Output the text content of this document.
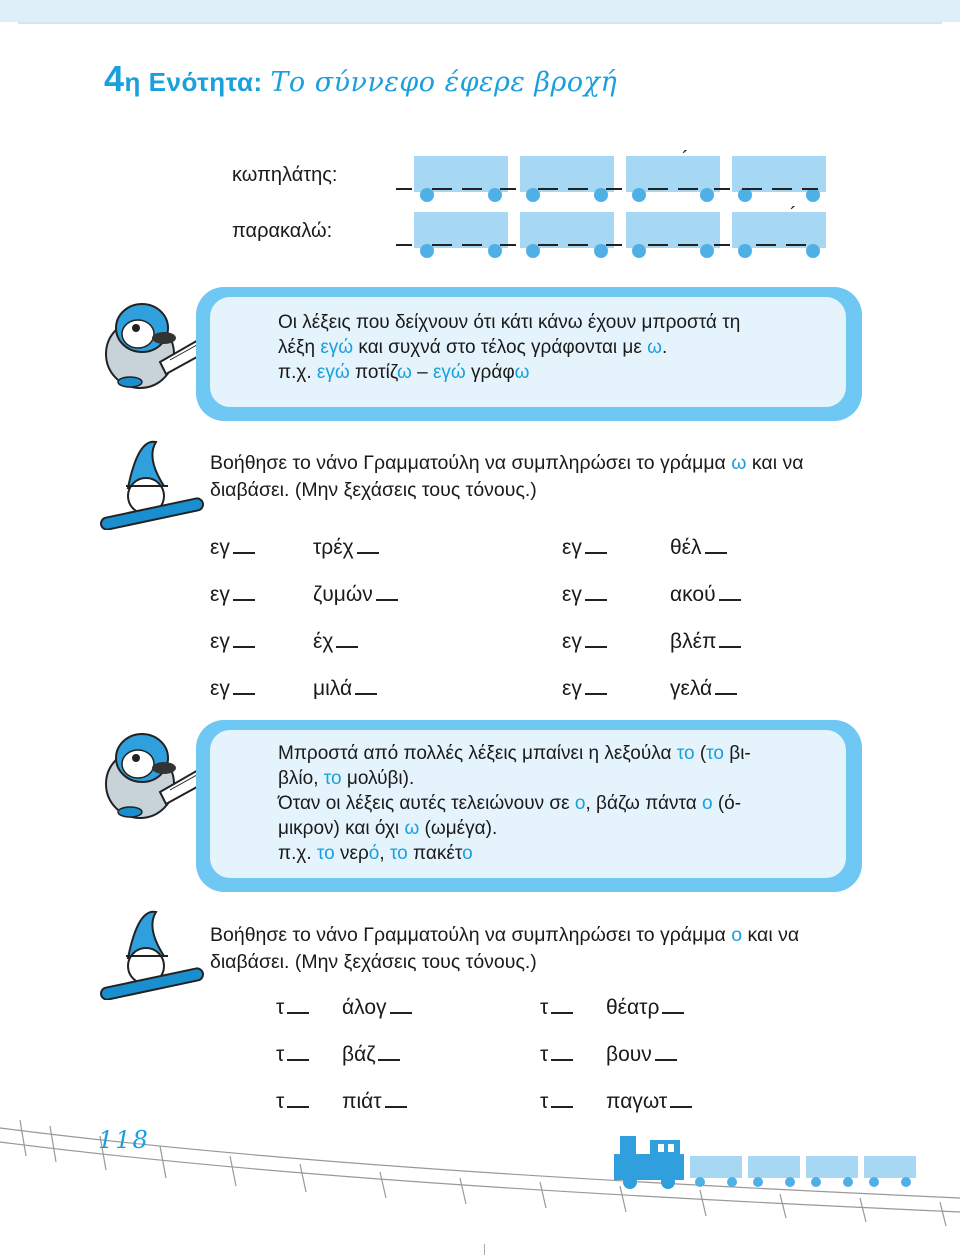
4η Ενότητα: Το σύννεφο έφερε βροχή
κωπηλάτης:
παρακαλώ:
´
´
Οι λέξεις που δείχνουν ότι κάτι κάνω έχουν μπροστά τη
λέξη εγώ και συχνά στο τέλος γράφονται με ω.
π.χ. εγώ ποτίζω – εγώ γράφω
Βοήθησε το νάνο Γραμματούλη να συμπληρώσει το γράμμα ω και να
διαβάσει. (Μην ξεχάσεις τους τόνους.)
εγ	τρέχ	εγ	θέλ
εγ	ζυμών	εγ	ακού
εγ	έχ	εγ	βλέπ
εγ	μιλά	εγ	γελά
Μπροστά από πολλές λέξεις μπαίνει η λεξούλα το (το βι-
βλίο, το μολύβι).
Όταν οι λέξεις αυτές τελειώνουν σε ο, βάζω πάντα ο (ό-
μικρον) και όχι ω (ωμέγα).
π.χ. το νερό, το πακέτο
Βοήθησε το νάνο Γραμματούλη να συμπληρώσει το γράμμα ο και να
διαβάσει. (Μην ξεχάσεις τους τόνους.)
τ	άλογ	τ	θέατρ
τ	βάζ	τ	βουν
τ	πιάτ	τ	παγωτ
118
